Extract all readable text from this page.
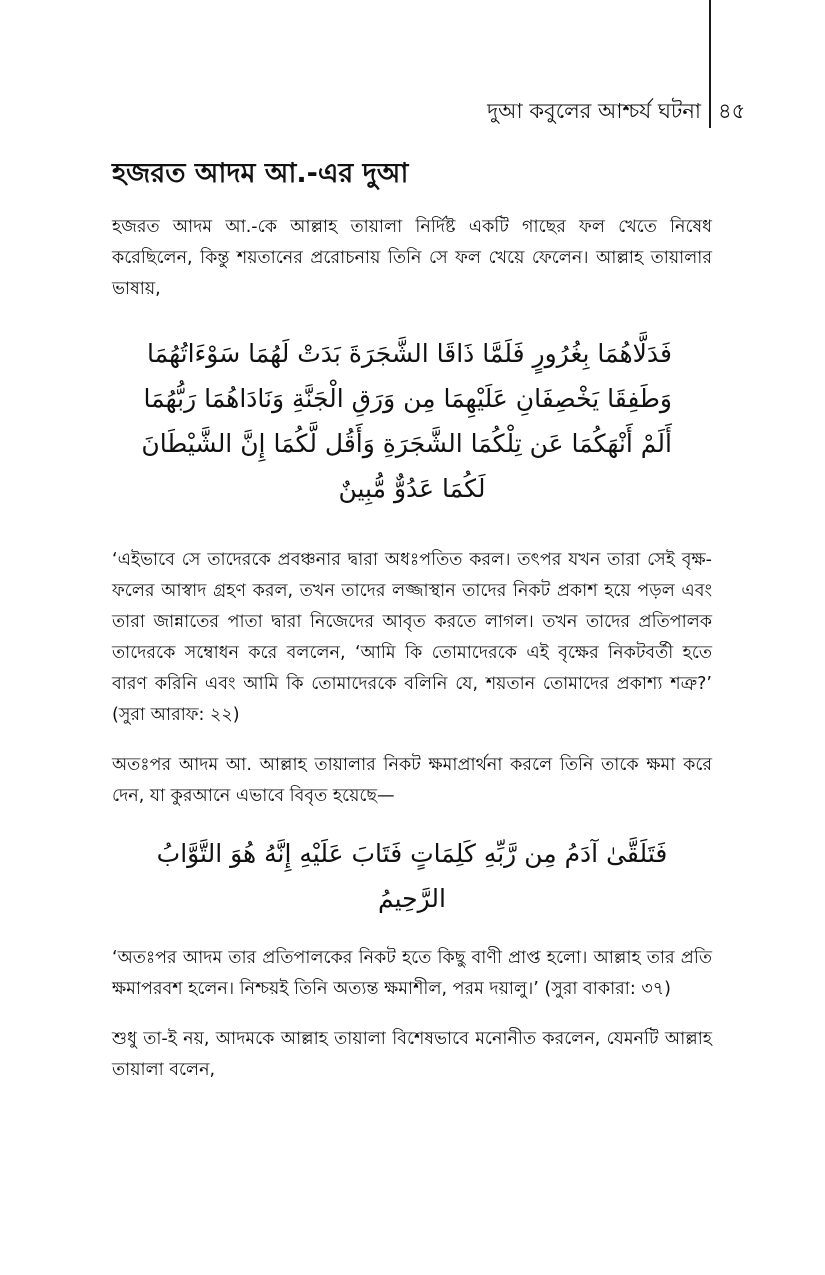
দুআ কবুলের আশ্চর্য ঘটনা ৪৫
হজরত আদম আ.-এর দুআ

হজরত আদম আ.-কে আল্লাহ তায়ালা নির্দিষ্ট একটি গাছের ফল খেতে নিষেধ করেছিলেন, কিন্তু শয়তানের প্ররোচনায় তিনি সে ফল খেয়ে ফেলেন। আল্লাহ তায়ালার ভাষায়,

فَدَلَّاهُمَا بِغُرُورٍ فَلَمَّا ذَاقَا الشَّجَرَةَ بَدَتْ لَهُمَا سَوْءَاتُهُمَا
وَطَفِقَا يَخْصِفَانِ عَلَيْهِمَا مِن وَرَقِ الْجَنَّةِ وَنَادَاهُمَا رَبُّهُمَا
أَلَمْ أَنْهَكُمَا عَن تِلْكُمَا الشَّجَرَةِ وَأَقُل لَّكُمَا إِنَّ الشَّيْطَانَ
لَكُمَا عَدُوٌّ مُّبِينٌ

‘এইভাবে সে তাদেরকে প্রবঞ্চনার দ্বারা অধঃপতিত করল। তৎপর যখন তারা সেই বৃক্ষ-ফলের আস্বাদ গ্রহণ করল, তখন তাদের লজ্জাস্থান তাদের নিকট প্রকাশ হয়ে পড়ল এবং তারা জান্নাতের পাতা দ্বারা নিজেদের আবৃত করতে লাগল। তখন তাদের প্রতিপালক তাদেরকে সম্বোধন করে বললেন, ‘আমি কি তোমাদেরকে এই বৃক্ষের নিকটবর্তী হতে বারণ করিনি এবং আমি কি তোমাদেরকে বলিনি যে, শয়তান তোমাদের প্রকাশ্য শত্রু?’ (সুরা আরাফ: ২২)

অতঃপর আদম আ. আল্লাহ তায়ালার নিকট ক্ষমাপ্রার্থনা করলে তিনি তাকে ক্ষমা করে দেন, যা কুরআনে এভাবে বিবৃত হয়েছে—

فَتَلَقَّىٰ آدَمُ مِن رَّبِّهِ كَلِمَاتٍ فَتَابَ عَلَيْهِ إِنَّهُ هُوَ التَّوَّابُ
الرَّحِيمُ

‘অতঃপর আদম তার প্রতিপালকের নিকট হতে কিছু বাণী প্রাপ্ত হলো। আল্লাহ তার প্রতি ক্ষমাপরবশ হলেন। নিশ্চয়ই তিনি অত্যন্ত ক্ষমাশীল, পরম দয়ালু।’ (সুরা বাকারা: ৩৭)

শুধু তা-ই নয়, আদমকে আল্লাহ তায়ালা বিশেষভাবে মনোনীত করলেন, যেমনটি আল্লাহ তায়ালা বলেন,
